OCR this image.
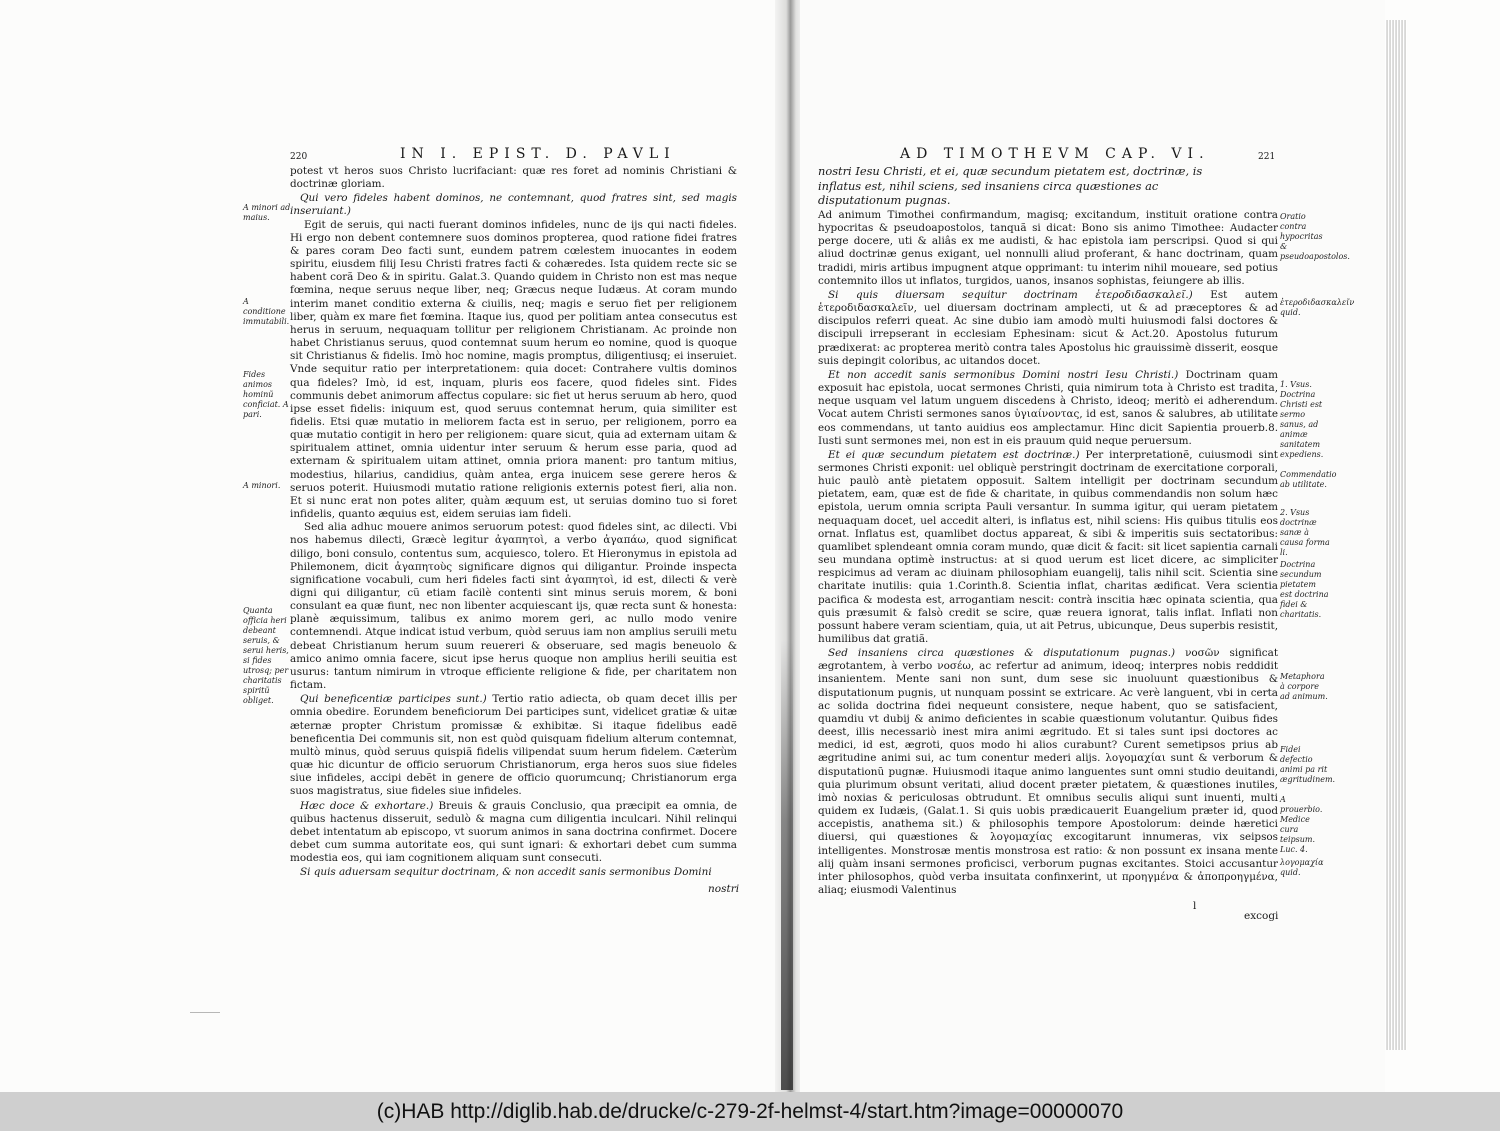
220	IN I. EPIST. D. PAVLI

potest vt heros suos Christo lucrifaciant: quæ res foret ad nominis Christiani & doctrinæ gloriam.

Qui vero fideles habent dominos, ne contemnant, quod fratres sint, sed magis inseruiant.)

Egit de seruis, qui nacti fuerant dominos infideles, nunc de ijs qui nacti fideles. Hi ergo non debent contemnere suos dominos propterea, quod ratione fidei fratres & pares coram Deo facti sunt, eundem patrem cœlestem inuocantes in eodem spiritu, eiusdem filij Iesu Christi fratres facti & cohæredes. Ista quidem recte sic se habent corã Deo & in spiritu. Galat.3. Quando quidem in Christo non est mas neque fœmina, neque seruus neque liber, neq; Græcus neque Iudæus. At coram mundo interim manet conditio externa & ciuilis, neq; magis e seruo fiet per religionem liber, quàm ex mare fiet fœmina. Itaque ius, quod per politiam antea consecutus est herus in seruum, nequaquam tollitur per religionem Christianam. Ac proinde non habet Christianus seruus, quod contemnat suum herum eo nomine, quod is quoque sit Christianus & fidelis. Imò hoc nomine, magis promptus, diligentiusq; ei inseruiet. Vnde sequitur ratio per interpretationem: quia docet: Contrahere vultis dominos qua fideles? Imò, id est, inquam, pluris eos facere, quod fideles sint. Fides communis debet animorum affectus copulare: sic fiet ut herus seruum ab hero, quod ipse esset fidelis: iniquum est, quod seruus contemnat herum, quia similiter est fidelis. Etsi quæ mutatio in meliorem facta est in seruo, per religionem, porro ea quæ mutatio contigit in hero per religionem: quare sicut, quia ad externam uitam & spiritualem attinet, omnia uidentur inter seruum & herum esse paria, quod ad externam & spiritualem uitam attinet, omnia priora manent: pro tantum mitius, modestius, hilarius, candidius, quàm antea, erga inuicem sese gerere heros & seruos poterit. Huiusmodi mutatio ratione religionis externis potest fieri, alia non. Et si nunc erat non potes aliter, quàm æquum est, ut seruias domino tuo si foret infidelis, quanto æquius est, eidem seruias iam fideli.

Sed alia adhuc mouere animos seruorum potest: quod fideles sint, ac dilecti. Vbi nos habemus dilecti, Græcè legitur ἀγαπητοὶ, a verbo ἀγαπάω, quod significat diligo, boni consulo, contentus sum, acquiesco, tolero. Et Hieronymus in epistola ad Philemonem, dicit ἀγαπητοὺς significare dignos qui diligantur. Proinde inspecta significatione vocabuli, cum heri fideles facti sint ἀγαπητοὶ, id est, dilecti & verè digni qui diligantur, cũ etiam facilè contenti sint minus seruis morem, & boni consulant ea quæ fiunt, nec non libenter acquiescant ijs, quæ recta sunt & honesta: planè æquissimum, talibus ex animo morem geri, ac nullo modo venire contemnendi. Atque indicat istud verbum, quòd seruus iam non amplius seruili metu debeat Christianum herum suum reuereri & obseruare, sed magis beneuolo & amico animo omnia facere, sicut ipse herus quoque non amplius herili seuitia est usurus: tantum nimirum in vtroque efficiente religione & fide, per charitatem non fictam.

Qui beneficentiæ participes sunt.) Tertio ratio adiecta, ob quam decet illis per omnia obedire. Eorundem beneficiorum Dei participes sunt, videlicet gratiæ & uitæ æternæ propter Christum promissæ & exhibitæ. Si itaque fidelibus eadẽ beneficentia Dei communis sit, non est quòd quisquam fidelium alterum contemnat, multò minus, quòd seruus quispiã fidelis vilipendat suum herum fidelem. Cæterùm quæ hic dicuntur de officio seruorum Christianorum, erga heros suos siue fideles siue infideles, accipi debẽt in genere de officio quorumcunq; Christianorum erga suos magistratus, siue fideles siue infideles.

Hæc doce & exhortare.) Breuis & grauis Conclusio, qua præcipit ea omnia, de quibus hactenus disseruit, sedulò & magna cum diligentia inculcari. Nihil relinqui debet intentatum ab episcopo, vt suorum animos in sana doctrina confirmet. Docere debet cum summa autoritate eos, qui sunt ignari: & exhortari debet cum summa modestia eos, qui iam cognitionem aliquam sunt consecuti.

Si quis aduersam sequitur doctrinam, & non accedit sanis sermonibus Domini

nostri
A minori ad maius.
A conditione immutabili.
Fides animos hominũ conficiat. A pari.
A minori.
Quanta officia heri debeant seruis, & serui heris, si fides utrosq; per charitatis spiritũ obliget.
AD TIMOTHEVM CAP. VI.	221
nostri Iesu Christi, et ei, quæ secundum pietatem est, doctrinæ, is inflatus est, nihil sciens, sed insaniens circa quæstiones ac disputationum pugnas.

Ad animum Timothei confirmandum, magisq; excitandum, instituit oratione contra hypocritas & pseudoapostolos, tanquã si dicat: Bono sis animo Timothee: Audacter perge docere, uti & aliâs ex me audisti, & hac epistola iam perscripsi. Quod si qui aliud doctrinæ genus exigant, uel nonnulli aliud proferant, & hanc doctrinam, quam tradidi, miris artibus impugnent atque opprimant: tu interim nihil moueare, sed potius contemnito illos ut inflatos, turgidos, uanos, insanos sophistas, feiungere ab illis.

Si quis diuersam sequitur doctrinam ἑτεροδιδασκαλεῖ.) Est autem ἑτεροδιδασκαλεῖν, uel diuersam doctrinam amplecti, ut & ad præceptores & ad discipulos referri queat. Ac sine dubio iam amodò multi huiusmodi falsi doctores & discipuli irrepserant in ecclesiam Ephesinam: sicut & Act.20. Apostolus futurum prædixerat: ac propterea meritò contra tales Apostolus hic grauissimè disserit, eosque suis depingit coloribus, ac uitandos docet.

Et non accedit sanis sermonibus Domini nostri Iesu Christi.) Doctrinam quam exposuit hac epistola, uocat sermones Christi, quia nimirum tota à Christo est tradita, neque usquam vel latum unguem discedens à Christo, ideoq; meritò ei adherendum. Vocat autem Christi sermones sanos ὑγιαίνοντας, id est, sanos & salubres, ab utilitate eos commendans, ut tanto auidius eos amplectamur. Hinc dicit Sapientia prouerb.8. Iusti sunt sermones mei, non est in eis prauum quid neque peruersum.

Et ei quæ secundum pietatem est doctrinæ.) Per interpretationẽ, cuiusmodi sint sermones Christi exponit: uel obliquè perstringit doctrinam de exercitatione corporali, huic paulò antè pietatem opposuit. Saltem intelligit per doctrinam secundum pietatem, eam, quæ est de fide & charitate, in quibus commendandis non solum hæc epistola, uerum omnia scripta Pauli versantur. In summa igitur, qui ueram pietatem nequaquam docet, uel accedit alteri, is inflatus est, nihil sciens: His quibus titulis eos ornat. Inflatus est, quamlibet doctus appareat, & sibi & imperitis suis sectatoribus: quamlibet splendeant omnia coram mundo, quæ dicit & facit: sit licet sapientia carnali seu mundana optimè instructus: at si quod uerum est licet dicere, ac simpliciter respicimus ad veram ac diuinam philosophiam euangelij, talis nihil scit. Scientia sine charitate inutilis: quia 1.Corinth.8. Scientia inflat, charitas ædificat. Vera scientia pacifica & modesta est, arrogantiam nescit: contrà inscitia hæc opinata scientia, qua quis præsumit & falsò credit se scire, quæ reuera ignorat, talis inflat. Inflati non possunt habere veram scientiam, quia, ut ait Petrus, ubicunque, Deus superbis resistit, humilibus dat gratiã.

Sed insaniens circa quæstiones & disputationum pugnas.) νοσῶν significat ægrotantem, à verbo νοσέω, ac refertur ad animum, ideoq; interpres nobis reddidit insanientem. Mente sani non sunt, dum sese sic inuoluunt quæstionibus & disputationum pugnis, ut nunquam possint se extricare. Ac verè languent, vbi in certa ac solida doctrina fidei nequeunt consistere, neque habent, quo se satisfacient, quamdiu vt dubij & animo deficientes in scabie quæstionum volutantur. Quibus fides deest, illis necessariò inest mira animi ægritudo. Et si tales sunt ipsi doctores ac medici, id est, ægroti, quos modo hi alios curabunt? Curent semetipsos prius ab ægritudine animi sui, ac tum conentur mederi alijs. λογομαχίαι sunt & verborum & disputationũ pugnæ. Huiusmodi itaque animo languentes sunt omni studio deuitandi, quia plurimum obsunt veritati, aliud docent præter pietatem, & quæstiones inutiles, imò noxias & periculosas obtrudunt. Et omnibus seculis aliqui sunt inuenti, multi quidem ex Iudæis, (Galat.1. Si quis uobis prædicauerit Euangelium præter id, quod accepistis, anathema sit.) & philosophis tempore Apostolorum: deinde hæretici diuersi, qui quæstiones & λογομαχίας excogitarunt innumeras, vix seipsos intelligentes. Monstrosæ mentis monstrosa est ratio: & non possunt ex insana mente alij quàm insani sermones proficisci, verborum pugnas excitantes. Stoici accusantur inter philosophos, quòd verba insuitata confinxerint, ut προηγμένα & ἀποπροηγμένα, aliaq; eiusmodi Valentinus

excogi
l
Oratio contra hypocritas & pseudoapostolos.
ἑτεροδιδασκαλεῖν quid.
1. Vsus. Doctrina Christi est sermo sanus, ad animæ sanitatem expediens.
Commendatio ab utilitate.
2. Vsus doctrinæ sanæ à causa forma li.
Doctrina secundum pietatem est doctrina fidei & charitatis.
Metaphora à corpore ad animum.
Fidei defectio animi pa rit ægritudinem.
A prouerbio. Medice cura teipsum. Luc. 4.
λογομαχία quid.
(c)HAB http://diglib.hab.de/drucke/c-279-2f-helmst-4/start.htm?image=00000070
